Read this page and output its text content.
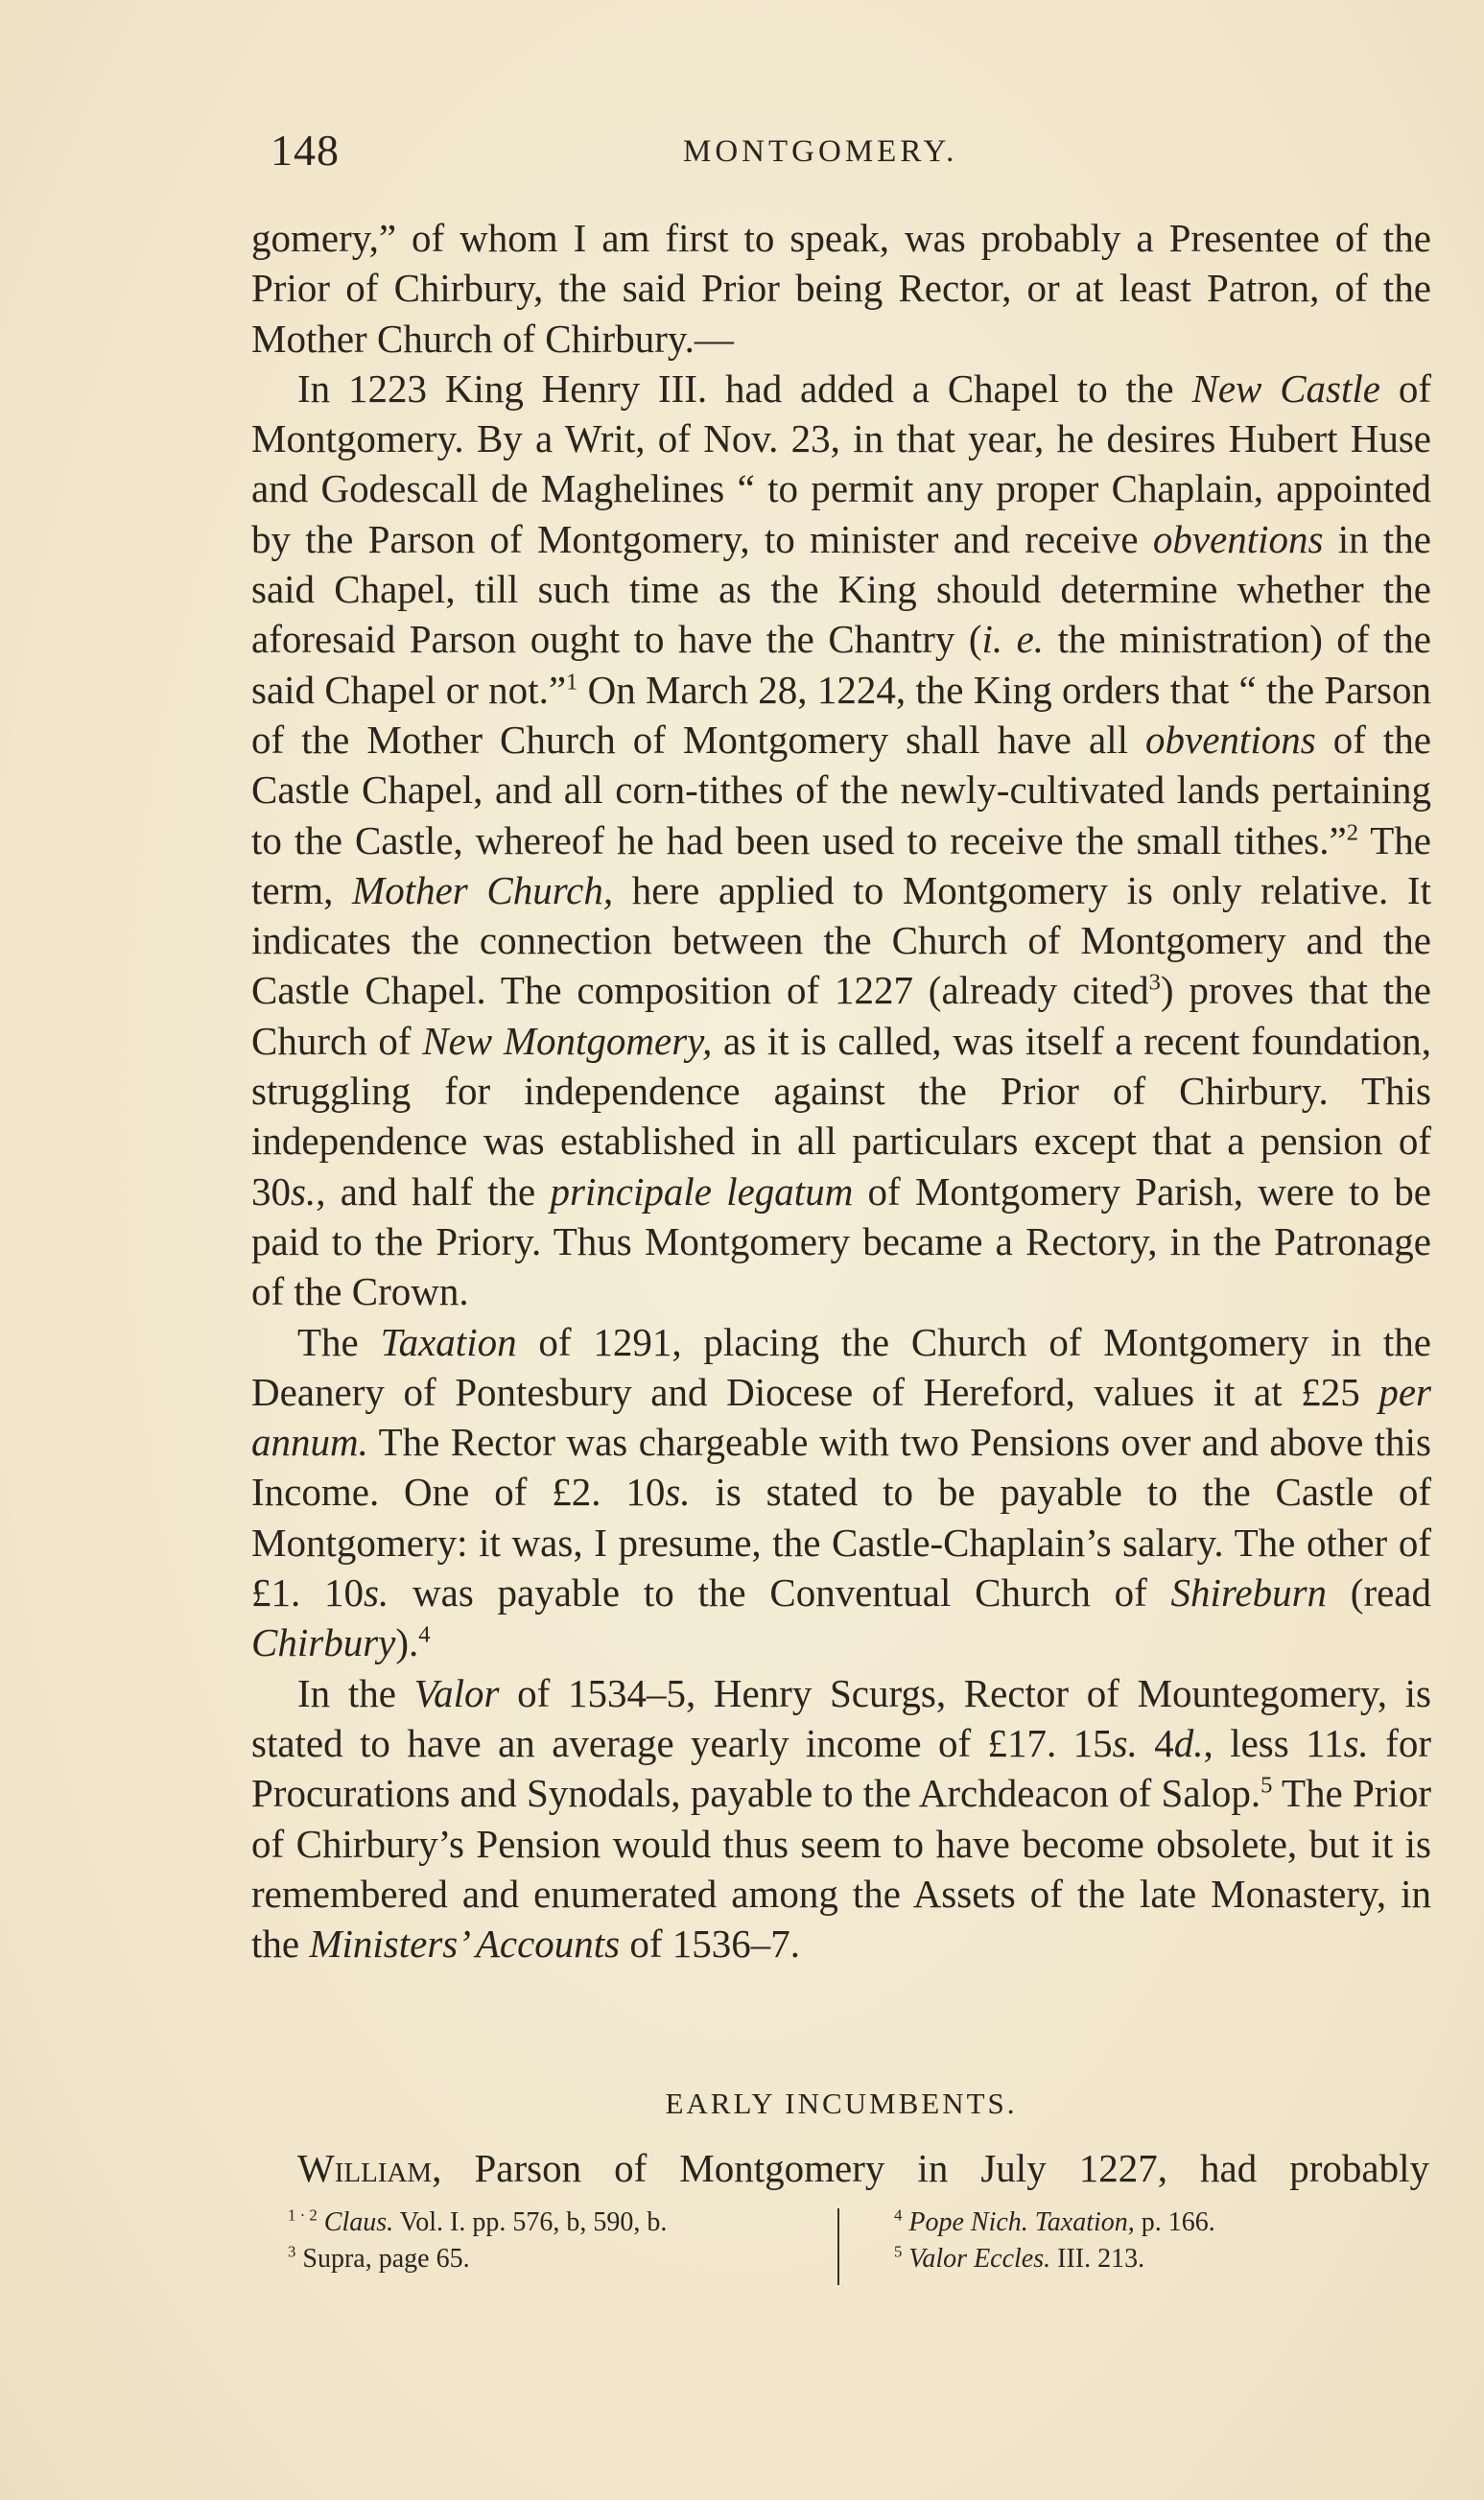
148	MONTGOMERY.

gomery,” of whom I am first to speak, was probably a Presentee of the Prior of Chirbury, the said Prior being Rector, or at least Patron, of the Mother Church of Chirbury.—

In 1223 King Henry III. had added a Chapel to the New Castle of Montgomery. By a Writ, of Nov. 23, in that year, he desires Hubert Huse and Godescall de Maghelines “ to permit any proper Chaplain, appointed by the Parson of Montgomery, to minister and receive obventions in the said Chapel, till such time as the King should determine whether the aforesaid Parson ought to have the Chantry (i. e. the ministration) of the said Chapel or not.”$^1$ On March 28, 1224, the King orders that “ the Parson of the Mother Church of Montgomery shall have all obventions of the Castle Chapel, and all corn-tithes of the newly-cultivated lands pertaining to the Castle, whereof he had been used to receive the small tithes.”$^2$ The term, Mother Church, here applied to Montgomery is only relative. It indicates the connection between the Church of Montgomery and the Castle Chapel. The composition of 1227 (already cited$^3$) proves that the Church of New Montgomery, as it is called, was itself a recent foundation, struggling for independence against the Prior of Chirbury. This independence was established in all particulars except that a pension of 30s., and half the principale legatum of Montgomery Parish, were to be paid to the Priory. Thus Montgomery became a Rectory, in the Patronage of the Crown.

The Taxation of 1291, placing the Church of Montgomery in the Deanery of Pontesbury and Diocese of Hereford, values it at £25 per annum. The Rector was chargeable with two Pensions over and above this Income. One of £2. 10s. is stated to be payable to the Castle of Montgomery: it was, I presume, the Castle-Chaplain’s salary. The other of £1. 10s. was payable to the Conventual Church of Shireburn (read Chirbury).$^4$

In the Valor of 1534–5, Henry Scurgs, Rector of Mountegomery, is stated to have an average yearly income of £17. 15s. 4d., less 11s. for Procurations and Synodals, payable to the Archdeacon of Salop.$^5$ The Prior of Chirbury’s Pension would thus seem to have become obsolete, but it is remembered and enumerated among the Assets of the late Monastery, in the Ministers’ Accounts of 1536–7.

EARLY INCUMBENTS.
William, Parson of Montgomery in July 1227, had probably
$^{1 \cdot 2}$ Claus. Vol. I. pp. 576, b, 590, b.
$^3$ Supra, page 65.
$^4$ Pope Nich. Taxation, p. 166.
$^5$ Valor Eccles. III. 213.
